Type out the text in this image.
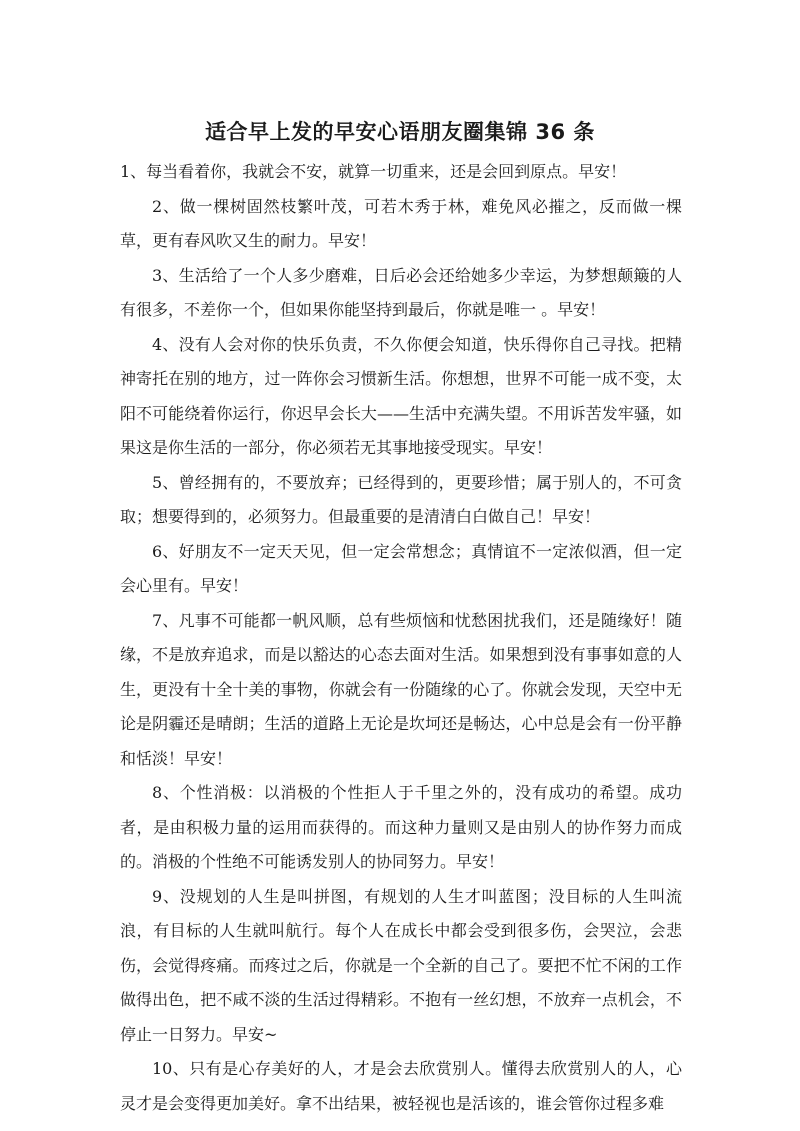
适合早上发的早安心语朋友圈集锦 36 条

1、每当看着你，我就会不安，就算一切重来，还是会回到原点。早安！

2、做一棵树固然枝繁叶茂，可若木秀于林，难免风必摧之，反而做一棵草，更有春风吹又生的耐力。早安！

3、生活给了一个人多少磨难，日后必会还给她多少幸运，为梦想颠簸的人有很多，不差你一个，但如果你能坚持到最后，你就是唯一 。早安！

4、没有人会对你的快乐负责，不久你便会知道，快乐得你自己寻找。把精神寄托在别的地方，过一阵你会习惯新生活。你想想，世界不可能一成不变，太阳不可能绕着你运行，你迟早会长大——生活中充满失望。不用诉苦发牢骚，如果这是你生活的一部分，你必须若无其事地接受现实。早安！

5、曾经拥有的，不要放弃；已经得到的，更要珍惜；属于别人的，不可贪取；想要得到的，必须努力。但最重要的是清清白白做自己！早安！

6、好朋友不一定天天见，但一定会常想念；真情谊不一定浓似酒，但一定会心里有。早安！

7、凡事不可能都一帆风顺，总有些烦恼和忧愁困扰我们，还是随缘好！随缘，不是放弃追求，而是以豁达的心态去面对生活。如果想到没有事事如意的人生，更没有十全十美的事物，你就会有一份随缘的心了。你就会发现，天空中无论是阴霾还是晴朗；生活的道路上无论是坎坷还是畅达，心中总是会有一份平静和恬淡！早安！

8、个性消极：以消极的个性拒人于千里之外的，没有成功的希望。成功者，是由积极力量的运用而获得的。而这种力量则又是由别人的协作努力而成的。消极的个性绝不可能诱发别人的协同努力。早安！

9、没规划的人生是叫拼图，有规划的人生才叫蓝图；没目标的人生叫流浪，有目标的人生就叫航行。每个人在成长中都会受到很多伤，会哭泣，会悲伤，会觉得疼痛。而疼过之后，你就是一个全新的自己了。要把不忙不闲的工作做得出色，把不咸不淡的生活过得精彩。不抱有一丝幻想，不放弃一点机会，不停止一日努力。早安~

10、只有是心存美好的人，才是会去欣赏别人。懂得去欣赏别人的人，心灵才是会变得更加美好。拿不出结果，被轻视也是活该的，谁会管你过程多难
